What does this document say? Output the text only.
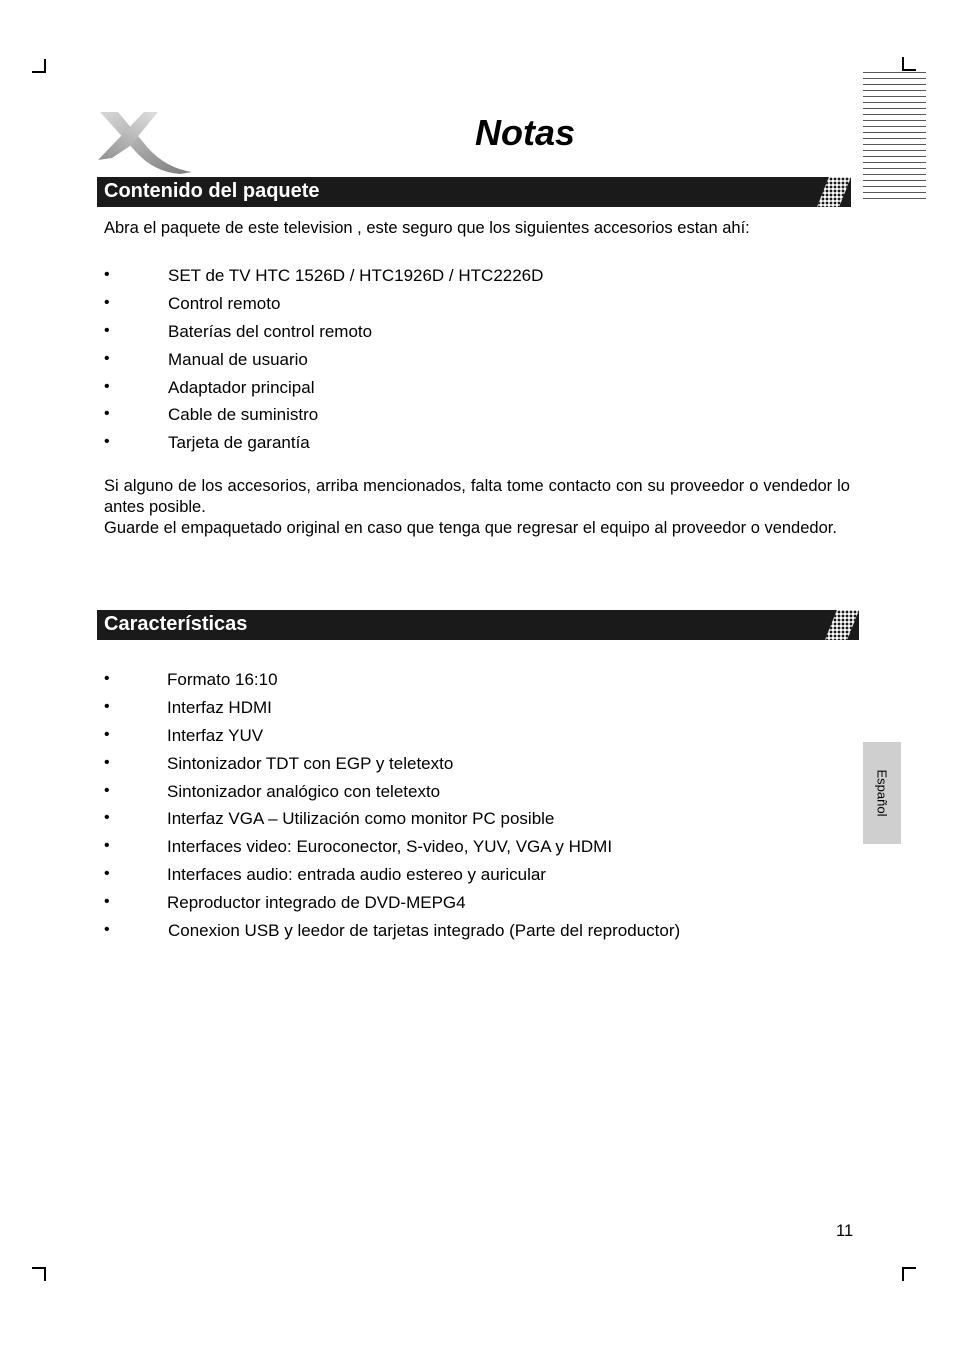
Notas
Contenido del paquete

Abra el paquete de este television , este seguro que los siguientes accesorios estan ahí:

•	SET de TV HTC 1526D / HTC1926D / HTC2226D
•	Control remoto
•	Baterías del control remoto
•	Manual de usuario
•	Adaptador principal
•	Cable de suministro
•	Tarjeta de garantía

Si alguno de los accesorios, arriba mencionados, falta tome contacto con su proveedor o vendedor lo antes posible.

Guarde el empaquetado original en caso que tenga que regresar el equipo al proveedor o vendedor.

Características
•	Formato 16:10
•	Interfaz HDMI
•	Interfaz YUV
•	Sintonizador TDT con EGP y teletexto
•	Sintonizador analógico con teletexto
•	Interfaz VGA – Utilización como monitor PC posible
•	Interfaces video: Euroconector, S-video, YUV, VGA y HDMI
•	Interfaces audio: entrada audio estereo y auricular
•	Reproductor integrado de DVD-MEPG4
•	Conexion USB y leedor de tarjetas integrado (Parte del reproductor)
Español
11
